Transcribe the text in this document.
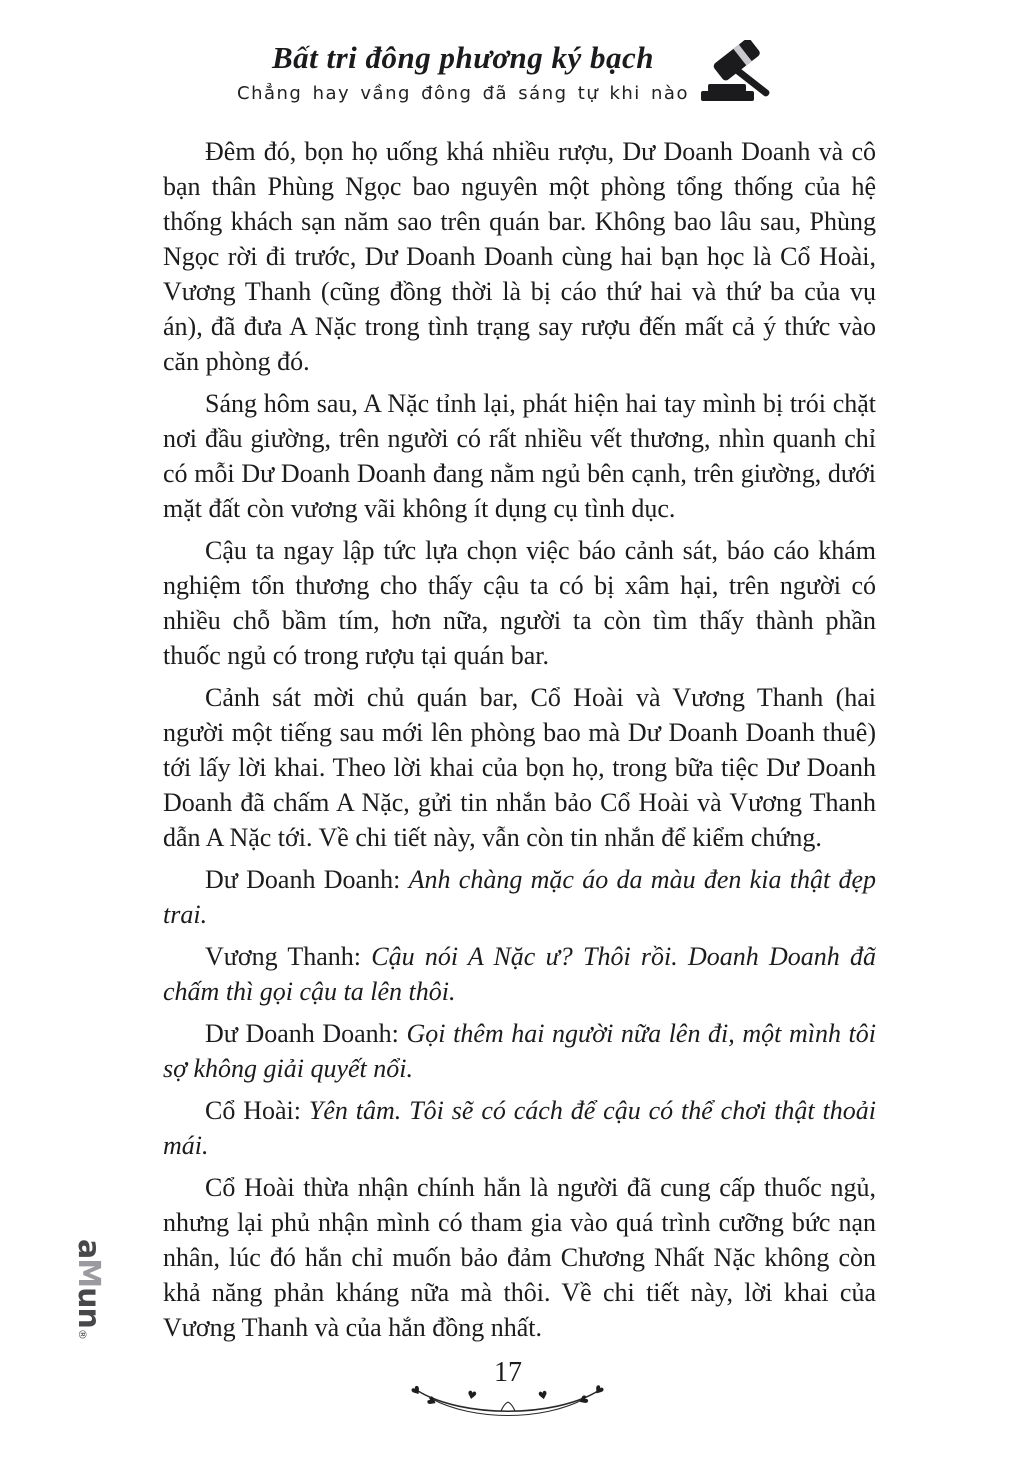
Bất tri đông phương ký bạch
Chẳng hay vầng đông đã sáng tự khi nào

Đêm đó, bọn họ uống khá nhiều rượu, Dư Doanh Doanh và cô bạn thân Phùng Ngọc bao nguyên một phòng tổng thống của hệ thống khách sạn năm sao trên quán bar. Không bao lâu sau, Phùng Ngọc rời đi trước, Dư Doanh Doanh cùng hai bạn học là Cổ Hoài, Vương Thanh (cũng đồng thời là bị cáo thứ hai và thứ ba của vụ án), đã đưa A Nặc trong tình trạng say rượu đến mất cả ý thức vào căn phòng đó.

Sáng hôm sau, A Nặc tỉnh lại, phát hiện hai tay mình bị trói chặt nơi đầu giường, trên người có rất nhiều vết thương, nhìn quanh chỉ có mỗi Dư Doanh Doanh đang nằm ngủ bên cạnh, trên giường, dưới mặt đất còn vương vãi không ít dụng cụ tình dục.

Cậu ta ngay lập tức lựa chọn việc báo cảnh sát, báo cáo khám nghiệm tổn thương cho thấy cậu ta có bị xâm hại, trên người có nhiều chỗ bầm tím, hơn nữa, người ta còn tìm thấy thành phần thuốc ngủ có trong rượu tại quán bar.

Cảnh sát mời chủ quán bar, Cổ Hoài và Vương Thanh (hai người một tiếng sau mới lên phòng bao mà Dư Doanh Doanh thuê) tới lấy lời khai. Theo lời khai của bọn họ, trong bữa tiệc Dư Doanh Doanh đã chấm A Nặc, gửi tin nhắn bảo Cổ Hoài và Vương Thanh dẫn A Nặc tới. Về chi tiết này, vẫn còn tin nhắn để kiểm chứng.

Dư Doanh Doanh: Anh chàng mặc áo da màu đen kia thật đẹp trai.

Vương Thanh: Cậu nói A Nặc ư? Thôi rồi. Doanh Doanh đã chấm thì gọi cậu ta lên thôi.

Dư Doanh Doanh: Gọi thêm hai người nữa lên đi, một mình tôi sợ không giải quyết nổi.

Cổ Hoài: Yên tâm. Tôi sẽ có cách để cậu có thể chơi thật thoải mái.

Cổ Hoài thừa nhận chính hắn là người đã cung cấp thuốc ngủ, nhưng lại phủ nhận mình có tham gia vào quá trình cưỡng bức nạn nhân, lúc đó hắn chỉ muốn bảo đảm Chương Nhất Nặc không còn khả năng phản kháng nữa mà thôi. Về chi tiết này, lời khai của Vương Thanh và của hắn đồng nhất.

a
M
un
®
17
♥
♥ ♥	♥
♥
♥
